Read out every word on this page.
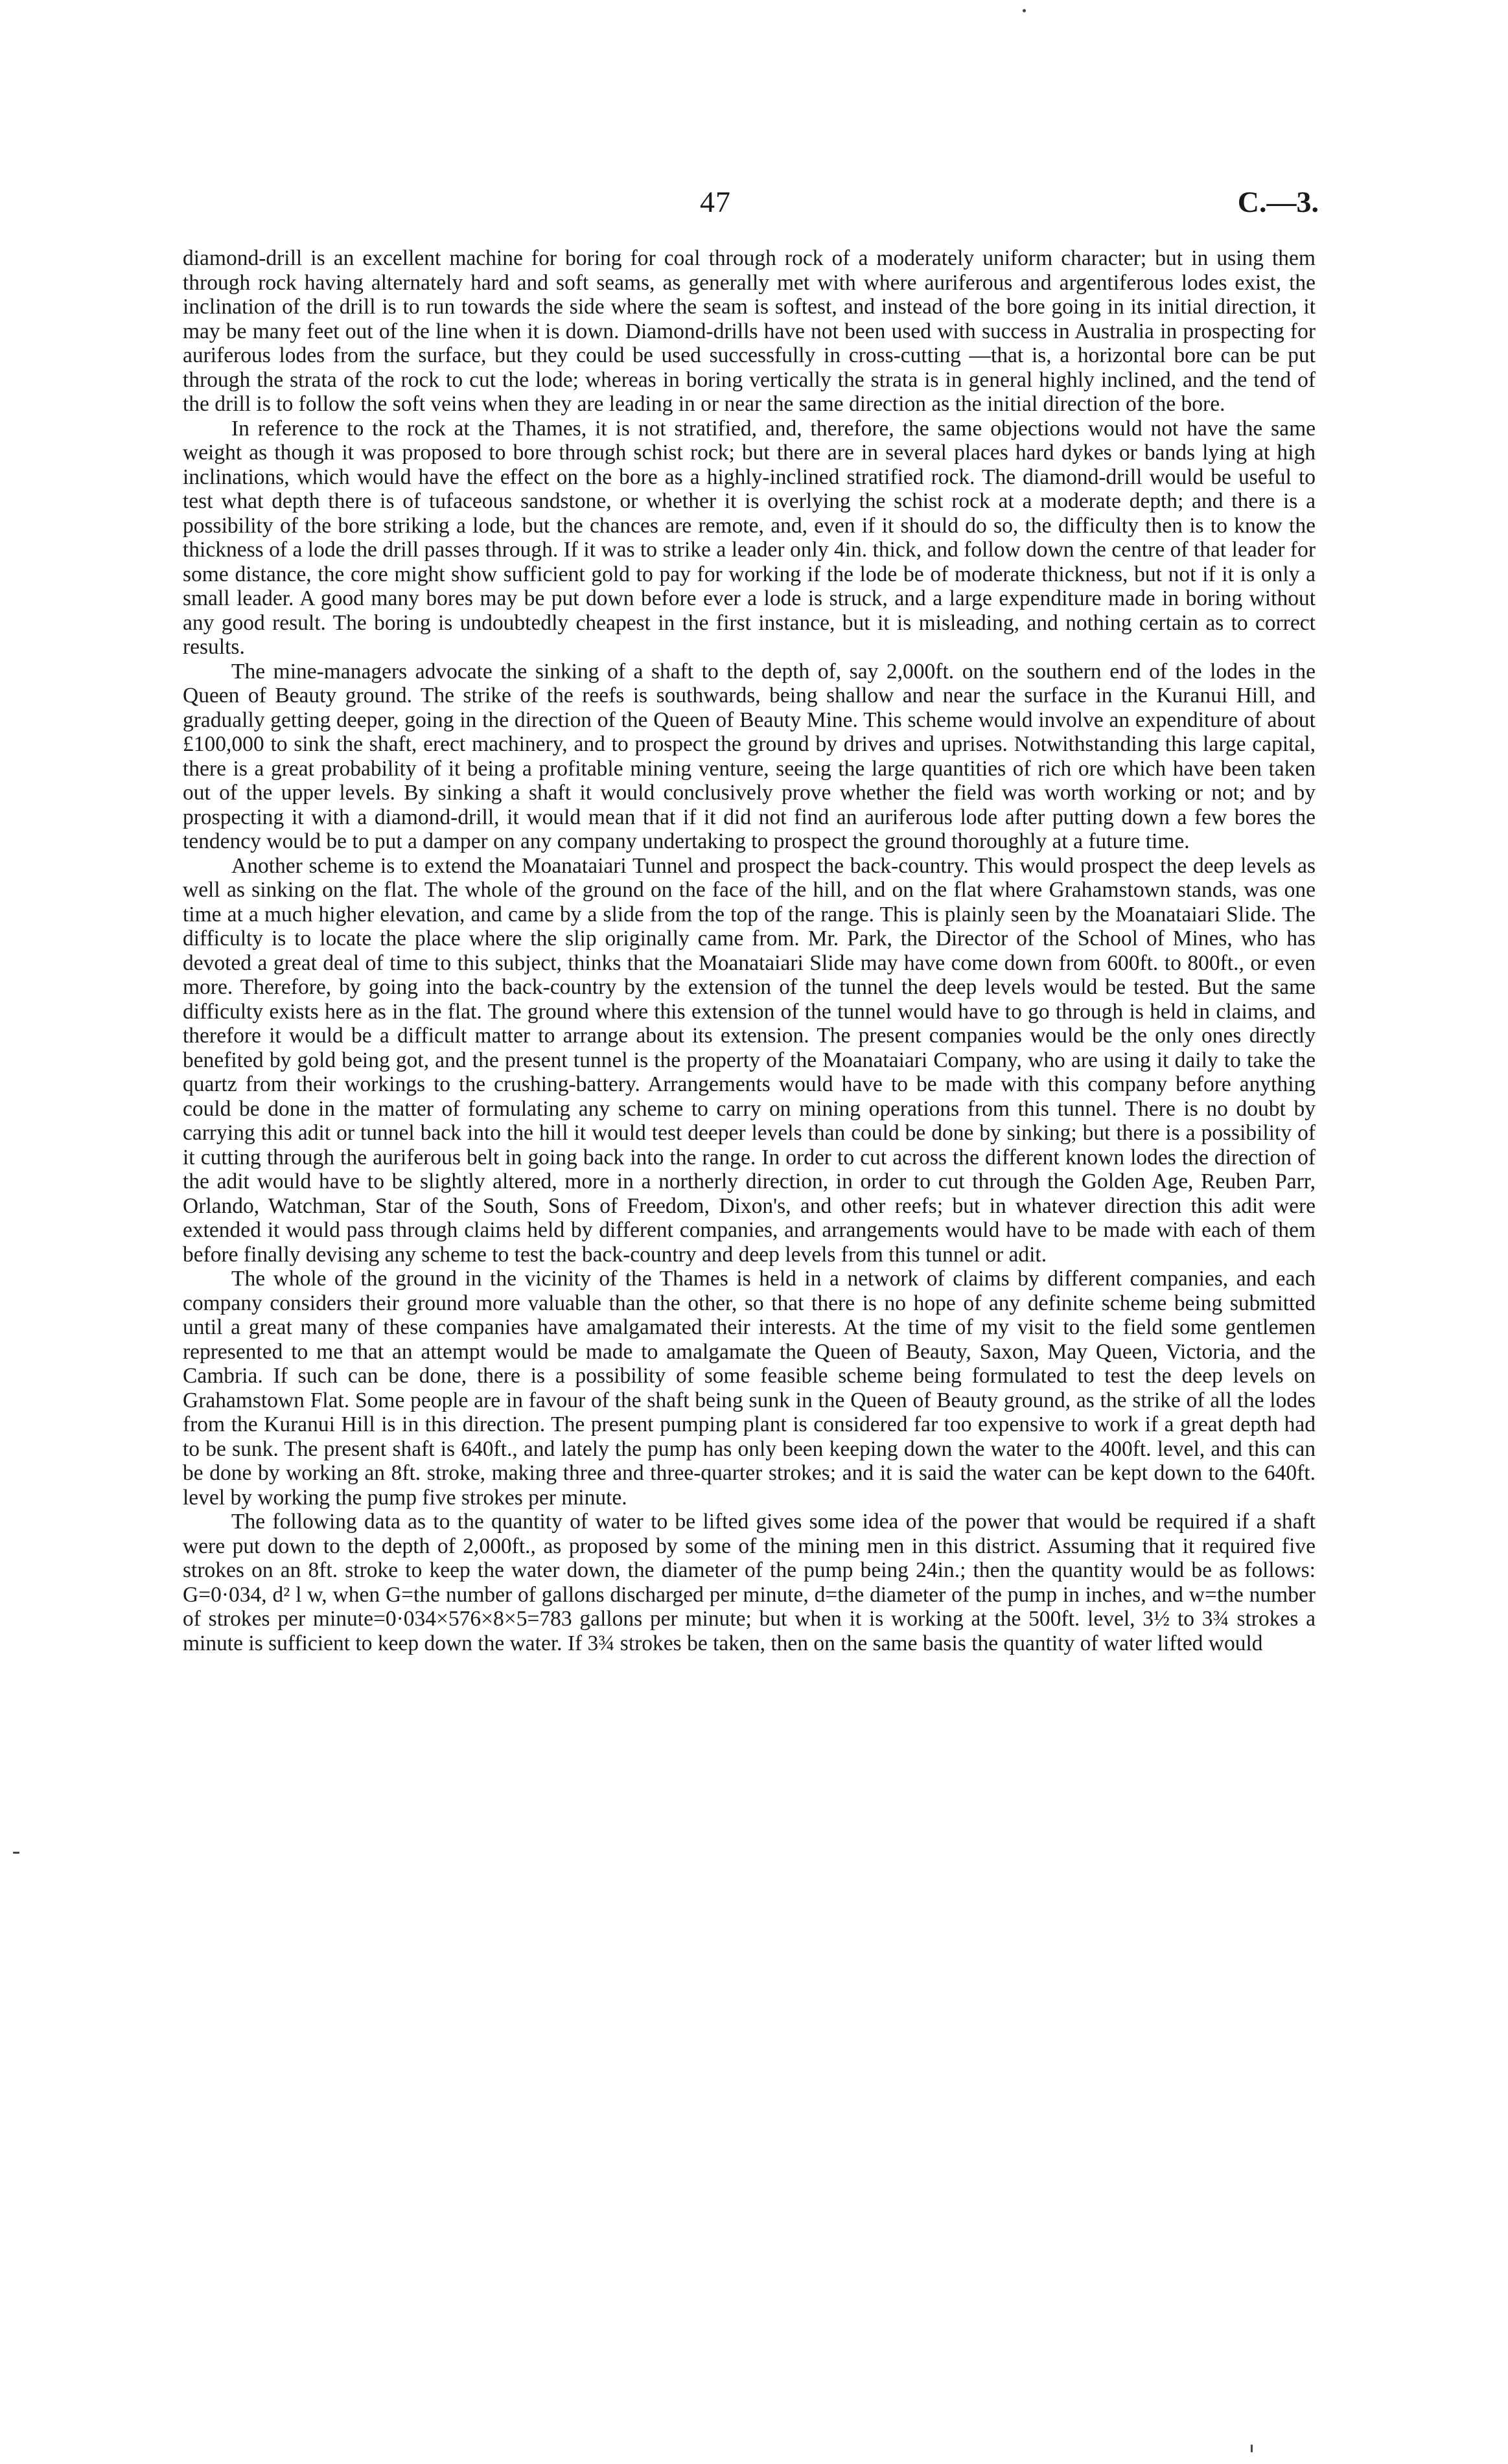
47	C.—3.

diamond-drill is an excellent machine for boring for coal through rock of a moderately uniform character; but in using them through rock having alternately hard and soft seams, as generally met with where auriferous and argentiferous lodes exist, the inclination of the drill is to run towards the side where the seam is softest, and instead of the bore going in its initial direction, it may be many feet out of the line when it is down. Diamond-drills have not been used with success in Australia in prospecting for auriferous lodes from the surface, but they could be used successfully in cross-cutting —that is, a horizontal bore can be put through the strata of the rock to cut the lode; whereas in boring vertically the strata is in general highly inclined, and the tend of the drill is to follow the soft veins when they are leading in or near the same direction as the initial direction of the bore.

In reference to the rock at the Thames, it is not stratified, and, therefore, the same objections would not have the same weight as though it was proposed to bore through schist rock; but there are in several places hard dykes or bands lying at high inclinations, which would have the effect on the bore as a highly-inclined stratified rock. The diamond-drill would be useful to test what depth there is of tufaceous sandstone, or whether it is overlying the schist rock at a moderate depth; and there is a possibility of the bore striking a lode, but the chances are remote, and, even if it should do so, the difficulty then is to know the thickness of a lode the drill passes through. If it was to strike a leader only 4in. thick, and follow down the centre of that leader for some distance, the core might show sufficient gold to pay for working if the lode be of moderate thickness, but not if it is only a small leader. A good many bores may be put down before ever a lode is struck, and a large expenditure made in boring without any good result. The boring is undoubtedly cheapest in the first instance, but it is misleading, and nothing certain as to correct results.

The mine-managers advocate the sinking of a shaft to the depth of, say 2,000ft. on the southern end of the lodes in the Queen of Beauty ground. The strike of the reefs is southwards, being shallow and near the surface in the Kuranui Hill, and gradually getting deeper, going in the direction of the Queen of Beauty Mine. This scheme would involve an expenditure of about £100,000 to sink the shaft, erect machinery, and to prospect the ground by drives and uprises. Notwithstanding this large capital, there is a great probability of it being a profitable mining venture, seeing the large quantities of rich ore which have been taken out of the upper levels. By sinking a shaft it would conclusively prove whether the field was worth working or not; and by prospecting it with a diamond-drill, it would mean that if it did not find an auriferous lode after putting down a few bores the tendency would be to put a damper on any company undertaking to prospect the ground thoroughly at a future time.

Another scheme is to extend the Moanataiari Tunnel and prospect the back-country. This would prospect the deep levels as well as sinking on the flat. The whole of the ground on the face of the hill, and on the flat where Grahamstown stands, was one time at a much higher elevation, and came by a slide from the top of the range. This is plainly seen by the Moanataiari Slide. The difficulty is to locate the place where the slip originally came from. Mr. Park, the Director of the School of Mines, who has devoted a great deal of time to this subject, thinks that the Moanataiari Slide may have come down from 600ft. to 800ft., or even more. Therefore, by going into the back-country by the extension of the tunnel the deep levels would be tested. But the same difficulty exists here as in the flat. The ground where this extension of the tunnel would have to go through is held in claims, and therefore it would be a difficult matter to arrange about its extension. The present companies would be the only ones directly benefited by gold being got, and the present tunnel is the property of the Moanataiari Company, who are using it daily to take the quartz from their workings to the crushing-battery. Arrangements would have to be made with this company before anything could be done in the matter of formulating any scheme to carry on mining operations from this tunnel. There is no doubt by carrying this adit or tunnel back into the hill it would test deeper levels than could be done by sinking; but there is a possibility of it cutting through the auriferous belt in going back into the range. In order to cut across the different known lodes the direction of the adit would have to be slightly altered, more in a northerly direction, in order to cut through the Golden Age, Reuben Parr, Orlando, Watchman, Star of the South, Sons of Freedom, Dixon's, and other reefs; but in whatever direction this adit were extended it would pass through claims held by different companies, and arrangements would have to be made with each of them before finally devising any scheme to test the back-country and deep levels from this tunnel or adit.

The whole of the ground in the vicinity of the Thames is held in a network of claims by different companies, and each company considers their ground more valuable than the other, so that there is no hope of any definite scheme being submitted until a great many of these companies have amalgamated their interests. At the time of my visit to the field some gentlemen represented to me that an attempt would be made to amalgamate the Queen of Beauty, Saxon, May Queen, Victoria, and the Cambria. If such can be done, there is a possibility of some feasible scheme being formulated to test the deep levels on Grahamstown Flat. Some people are in favour of the shaft being sunk in the Queen of Beauty ground, as the strike of all the lodes from the Kuranui Hill is in this direction. The present pumping plant is considered far too expensive to work if a great depth had to be sunk. The present shaft is 640ft., and lately the pump has only been keeping down the water to the 400ft. level, and this can be done by working an 8ft. stroke, making three and three-quarter strokes; and it is said the water can be kept down to the 640ft. level by working the pump five strokes per minute.

The following data as to the quantity of water to be lifted gives some idea of the power that would be required if a shaft were put down to the depth of 2,000ft., as proposed by some of the mining men in this district. Assuming that it required five strokes on an 8ft. stroke to keep the water down, the diameter of the pump being 24in.; then the quantity would be as follows: G=0·034, d² l w, when G=the number of gallons discharged per minute, d=the diameter of the pump in inches, and w=the number of strokes per minute=0·034×576×8×5=783 gallons per minute; but when it is working at the 500ft. level, 3½ to 3¾ strokes a minute is sufficient to keep down the water. If 3¾ strokes be taken, then on the same basis the quantity of water lifted would
